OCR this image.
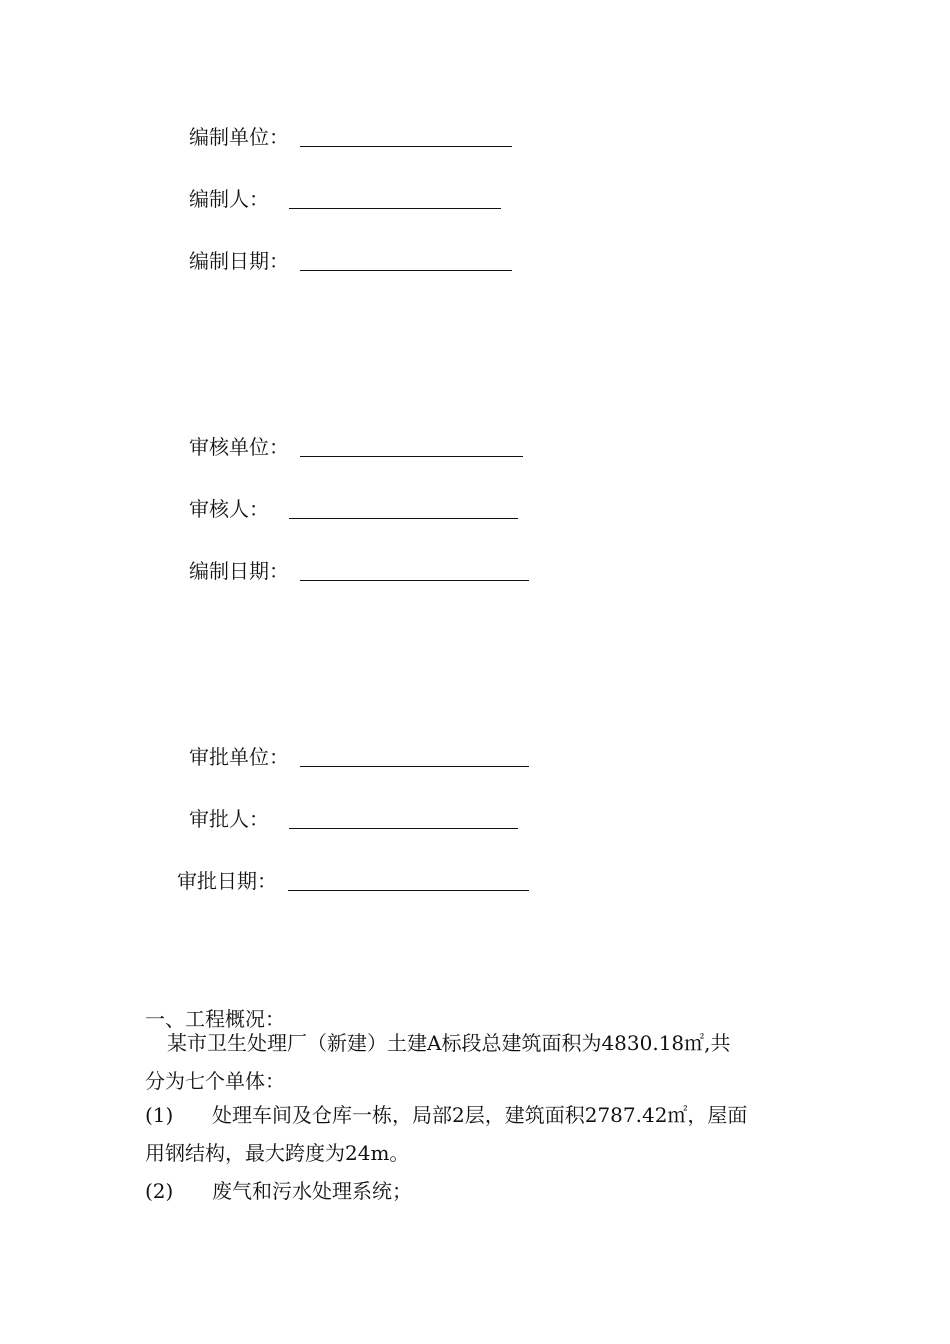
编制单位：
编制人：
编制日期：
审核单位：
审核人：
编制日期：
审批单位：
审批人：
审批日期：
一、工程概况：
某市卫生处理厂（新建）土建A标段总建筑面积为4830.18㎡,共
分为七个单体：
(1) 处理车间及仓库一栋，局部2层，建筑面积2787.42㎡，屋面
用钢结构，最大跨度为24m。
(2) 废气和污水处理系统；
